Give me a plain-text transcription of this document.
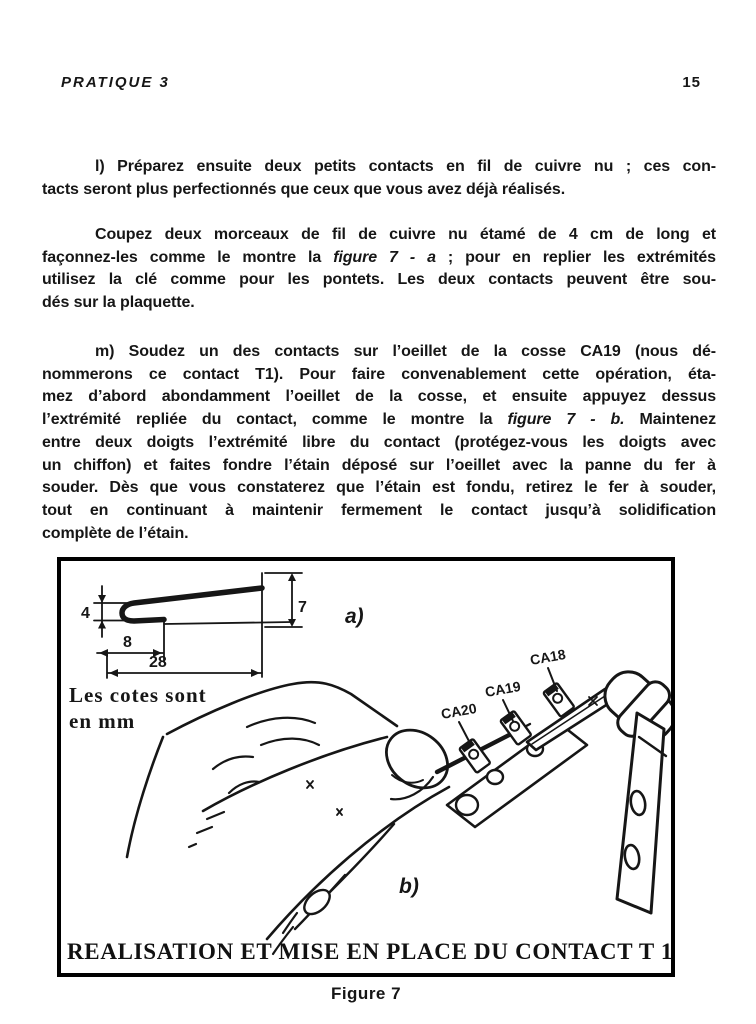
PRATIQUE 3	15
l) Préparez ensuite deux petits contacts en fil de cuivre nu ; ces con-
tacts seront plus perfectionnés que ceux que vous avez déjà réalisés.
Coupez deux morceaux de fil de cuivre nu étamé de 4 cm de long et
façonnez-les comme le montre la figure 7 - a ; pour en replier les extrémités
utilisez la clé comme pour les pontets. Les deux contacts peuvent être sou-
dés sur la plaquette.
m) Soudez un des contacts sur l’oeillet de la cosse CA19 (nous dé-
nommerons ce contact T1). Pour faire convenablement cette opération, éta-
mez d’abord abondamment l’oeillet de la cosse, et ensuite appuyez dessus
l’extrémité repliée du contact, comme le montre la figure 7 - b. Maintenez
entre deux doigts l’extrémité libre du contact (protégez-vous les doigts avec
un chiffon) et faites fondre l’étain déposé sur l’oeillet avec la panne du fer à
souder. Dès que vous constaterez que l’étain est fondu, retirez le fer à souder,
tout en continuant à maintenir fermement le contact jusqu’à solidification
complète de l’étain.
7
4
8
28
a)
Les cotes sont
en mm	CA20
CA19
CA18
b)
REALISATION ET MISE EN PLACE DU CONTACT T 1
Figure 7
